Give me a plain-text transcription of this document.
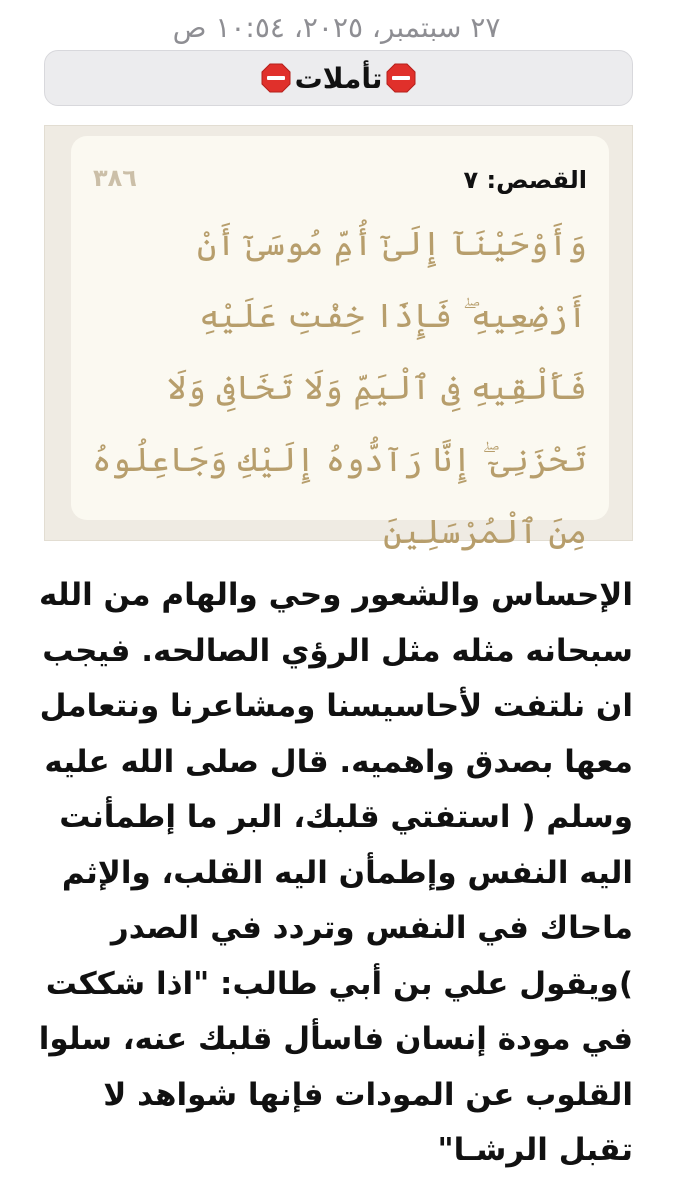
٢٧ سبتمبر، ٢٠٢٥، ١٠:٥٤ ص
تأملات
القصص: ٧
٣٨٦
وَأَوْحَيْنَآ إِلَىٰٓ أُمِّ مُوسَىٰٓ أَنْ أَرْضِعِيهِ ۖ فَإِذَا خِفْتِ عَلَيْهِ فَأَلْقِيهِ فِى ٱلْيَمِّ وَلَا تَخَافِى وَلَا تَحْزَنِىٓ ۖ إِنَّا رَآدُّوهُ إِلَيْكِ وَجَاعِلُوهُ مِنَ ٱلْمُرْسَلِينَ
الإحساس والشعور وحي والهام من الله سبحانه مثله مثل الرؤي الصالحه. فيجب ان نلتفت لأحاسيسنا ومشاعرنا ونتعامل معها بصدق واهميه. قال صلى الله عليه وسلم ( استفتي قلبك، البر ما إطمأنت اليه النفس وإطمأن اليه القلب، والإثم ماحاك في النفس وتردد في الصدر )ويقول علي بن أبي طالب: "اذا شككت في مودة إنسان فاسأل قلبك عنه، سلوا القلوب عن المودات فإنها شواهد لا تقبل الرشـا"
